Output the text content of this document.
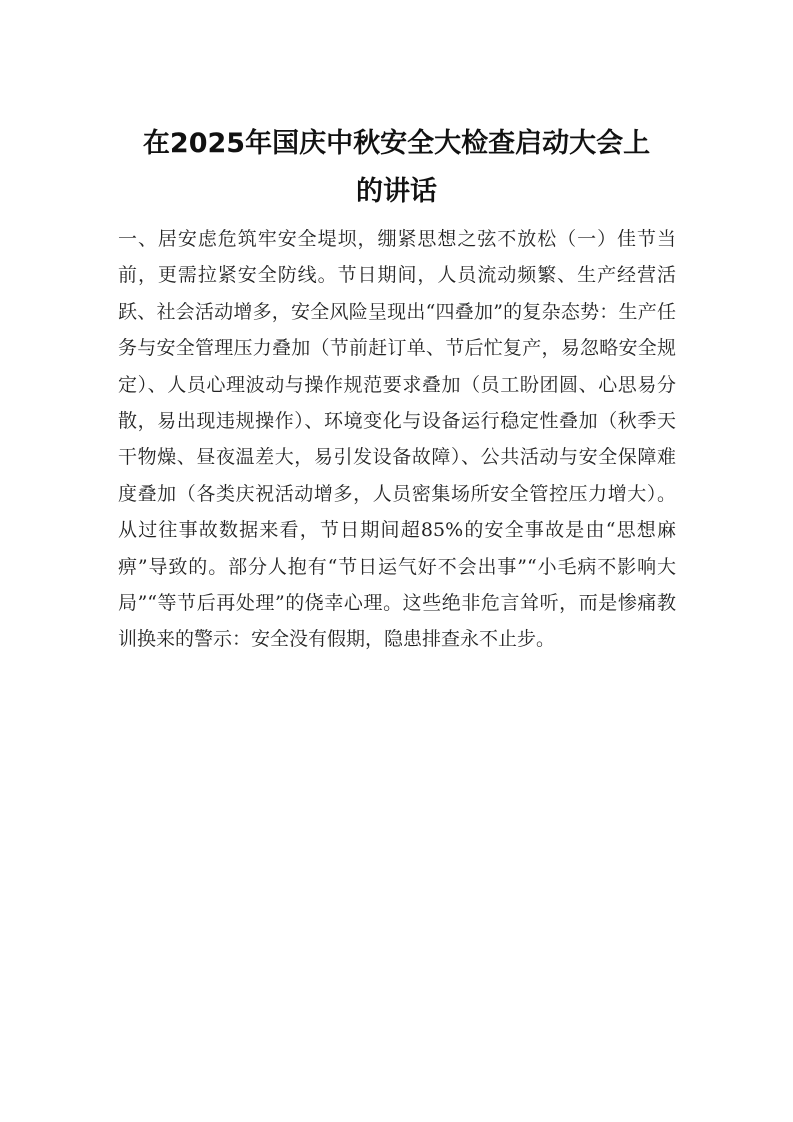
在2025年国庆中秋安全大检查启动大会上
的讲话

一、居安虑危筑牢安全堤坝，绷紧思想之弦不放松（一）佳节当前，更需拉紧安全防线。节日期间，人员流动频繁、生产经营活跃、社会活动增多，安全风险呈现出“四叠加”的复杂态势：生产任务与安全管理压力叠加（节前赶订单、节后忙复产，易忽略安全规定）、人员心理波动与操作规范要求叠加（员工盼团圆、心思易分散，易出现违规操作）、环境变化与设备运行稳定性叠加（秋季天干物燥、昼夜温差大，易引发设备故障）、公共活动与安全保障难度叠加（各类庆祝活动增多，人员密集场所安全管控压力增大）。从过往事故数据来看，节日期间超85%的安全事故是由“思想麻痹”导致的。部分人抱有“节日运气好不会出事”“小毛病不影响大局”“等节后再处理”的侥幸心理。这些绝非危言耸听，而是惨痛教训换来的警示：安全没有假期，隐患排查永不止步。
